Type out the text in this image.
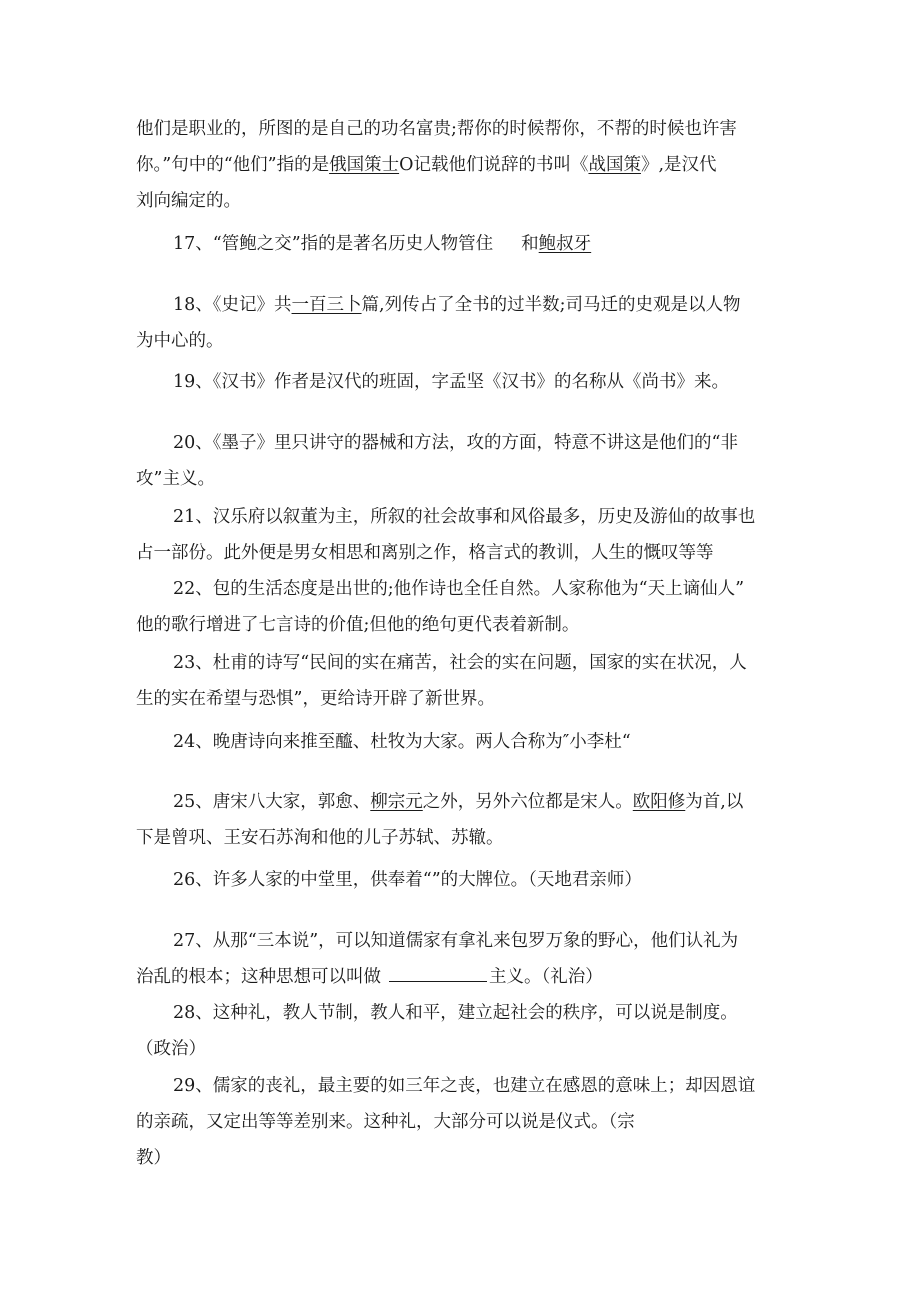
他们是职业的，所图的是自己的功名富贵;帮你的时候帮你，不帮的时候也许害
你。”句中的“他们”指的是俄国策士O记载他们说辞的书叫《战国策》,是汉代
刘向编定的。
17、“管鲍之交”指的是著名历史人物管住 和鲍叔牙
18、《史记》共一百三卜篇,列传占了全书的过半数;司马迁的史观是以人物
为中心的。
19、《汉书》作者是汉代的班固，字孟坚《汉书》的名称从《尚书》来。
20、《墨子》里只讲守的器械和方法，攻的方面，特意不讲这是他们的“非
攻”主义。
21、汉乐府以叙董为主，所叙的社会故事和风俗最多，历史及游仙的故事也
占一部份。此外便是男女相思和离别之作，格言式的教训，人生的慨叹等等
22、包的生活态度是出世的;他作诗也全任自然。人家称他为“天上谪仙人”
他的歌行增进了七言诗的价值;但他的绝句更代表着新制。
23、杜甫的诗写“民间的实在痛苦，社会的实在问题，国家的实在状况，人
生的实在希望与恐惧”，更给诗开辟了新世界。
24、晚唐诗向来推至醯、杜牧为大家。两人合称为″小李杜“
25、唐宋八大家，郭愈、柳宗元之外，另外六位都是宋人。欧阳修为首,以
下是曾巩、王安石苏洵和他的儿子苏轼、苏辙。
26、许多人家的中堂里，供奉着“”的大牌位。（天地君亲师）
27、从那“三本说”，可以知道儒家有拿礼来包罗万象的野心，他们认礼为
治乱的根本；这种思想可以叫做	主义。（礼治）
28、这种礼，教人节制，教人和平，建立起社会的秩序，可以说是制度。
（政治）
29、儒家的丧礼，最主要的如三年之丧，也建立在感恩的意味上；却因恩谊
的亲疏，又定出等等差别来。这种礼，大部分可以说是仪式。（宗
教）
